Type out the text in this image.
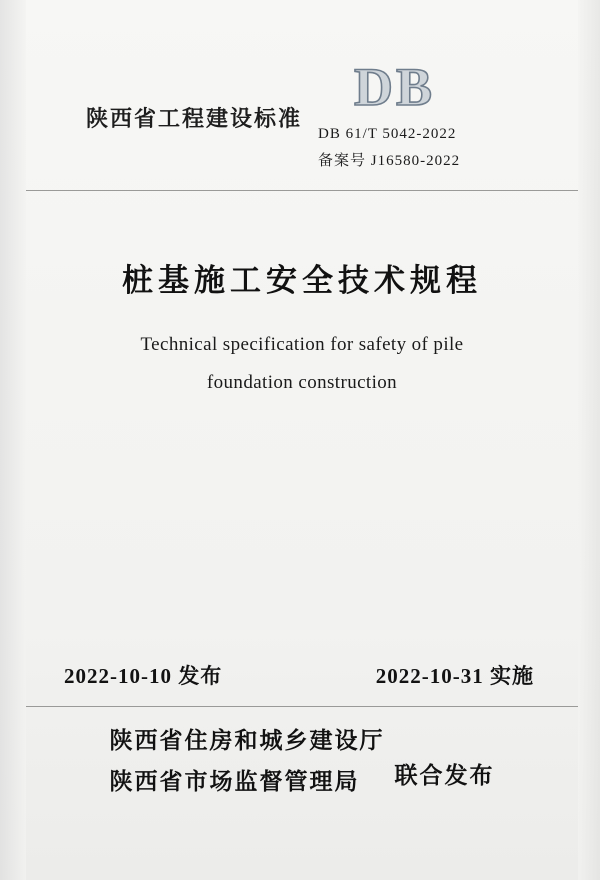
陕西省工程建设标准
DB
DB 61/T 5042-2022
备案号 J16580-2022
桩基施工安全技术规程
Technical specification for safety of pile
foundation construction
2022-10-10 发布	2022-10-31 实施
陕西省住房和城乡建设厅
陕西省市场监督管理局	联合发布
